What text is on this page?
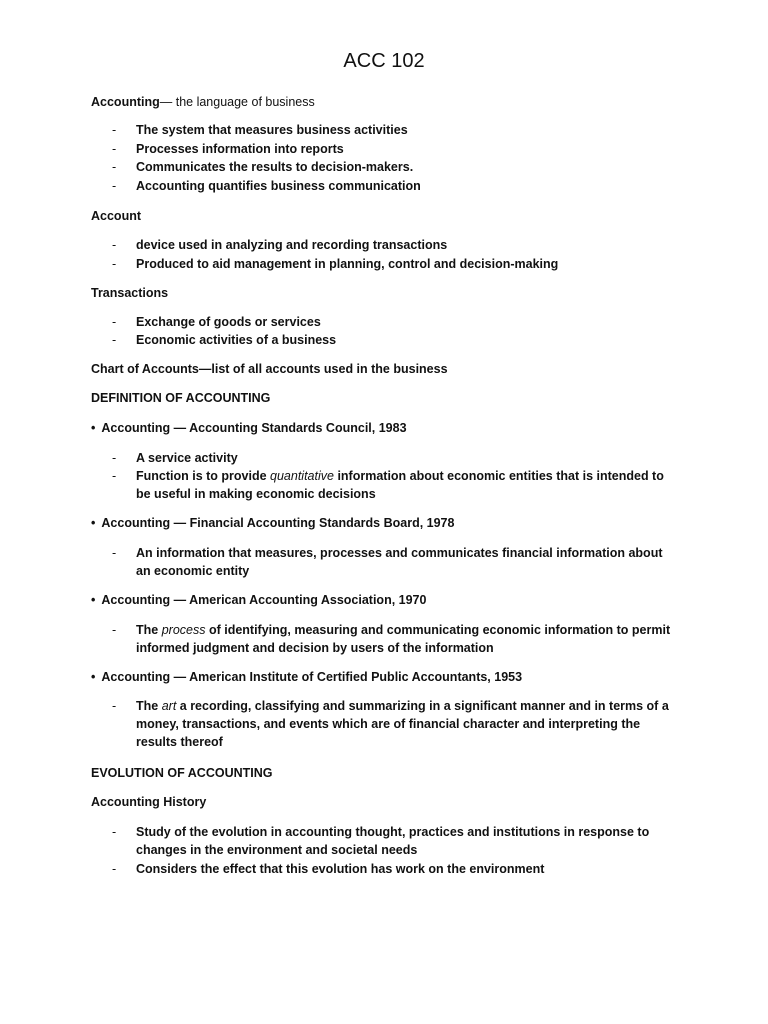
ACC 102
Accounting— the language of business
-	The system that measures business activities
-	Processes information into reports
-	Communicates the results to decision-makers.
-	Accounting quantifies business communication
Account
-	device used in analyzing and recording transactions
-	Produced to aid management in planning, control and decision-making
Transactions
-	Exchange of goods or services
-	Economic activities of a business
Chart of Accounts—list of all accounts used in the business
DEFINITION OF ACCOUNTING
• Accounting — Accounting Standards Council, 1983
-	A service activity
-	Function is to provide quantitative information about economic entities that is intended to be useful in making economic decisions
• Accounting — Financial Accounting Standards Board, 1978
-	An information that measures, processes and communicates financial information about an economic entity
• Accounting — American Accounting Association, 1970
-	The process of identifying, measuring and communicating economic information to permit informed judgment and decision by users of the information
• Accounting — American Institute of Certified Public Accountants, 1953
-	The art a recording, classifying and summarizing in a significant manner and in terms of a money, transactions, and events which are of financial character and interpreting the results thereof
EVOLUTION OF ACCOUNTING
Accounting History
-	Study of the evolution in accounting thought, practices and institutions in response to changes in the environment and societal needs
-	Considers the effect that this evolution has work on the environment
